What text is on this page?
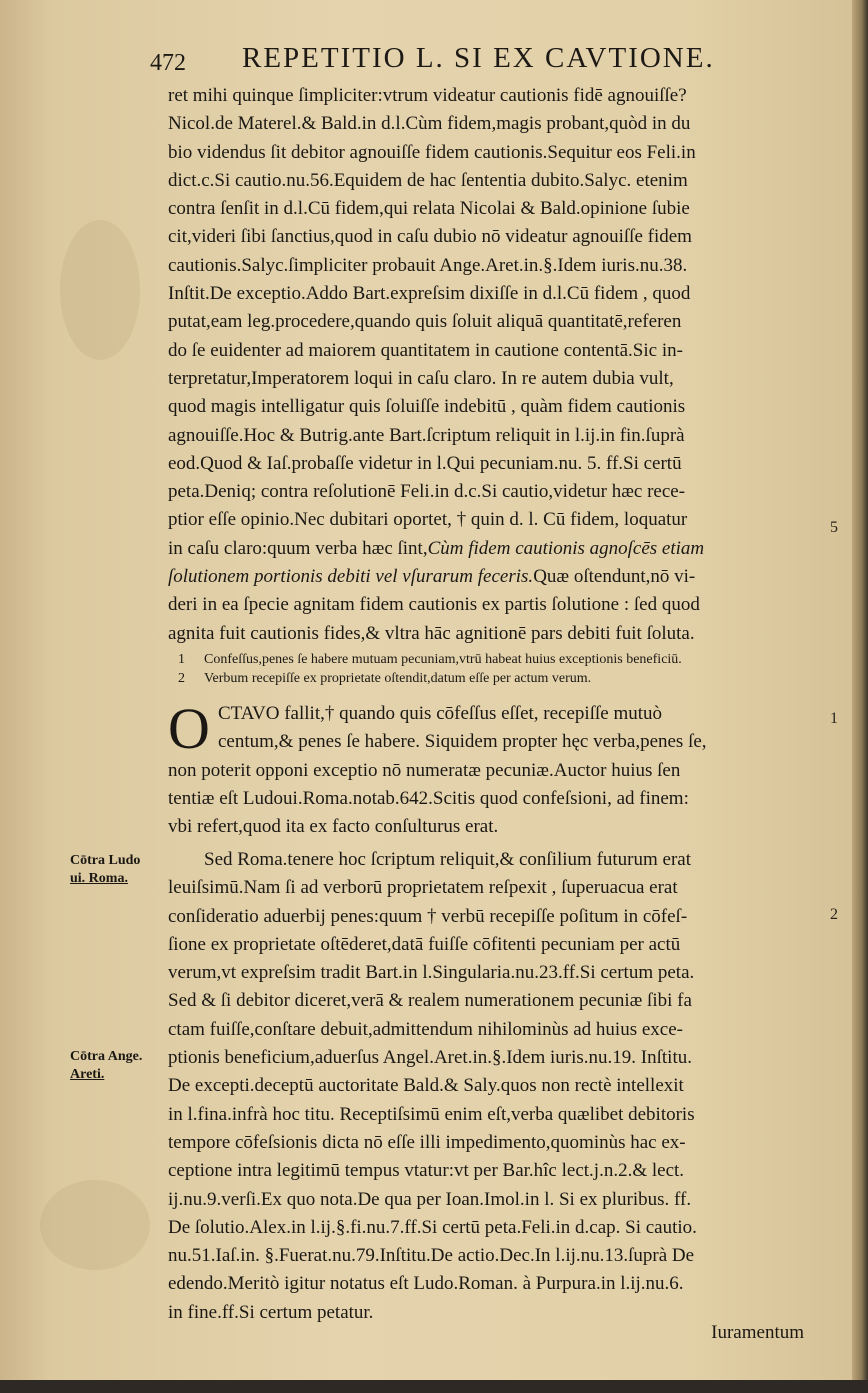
472 REPETITIO L. SI EX CAVTIONE.
ret mihi quinque ſimpliciter:vtrum videatur cautionis fidē agnouiſſe?
Nicol.de Materel.& Bald.in d.l.Cùm fidem,magis probant,quòd in du
bio videndus ſit debitor agnouiſſe fidem cautionis.Sequitur eos Feli.in
dict.c.Si cautio.nu.56.Equidem de hac ſententia dubito.Salyc. etenim
contra ſenſit in d.l.Cū fidem,qui relata Nicolai & Bald.opinione ſubie
cit,videri ſibi ſanctius,quod in caſu dubio nō videatur agnouiſſe fidem
cautionis.Salyc.ſimpliciter probauit Ange.Aret.in.§.Idem iuris.nu.38.
Inſtit.De exceptio.Addo Bart.expreſsim dixiſſe in d.l.Cū fidem , quod
putat,eam leg.procedere,quando quis ſoluit aliquā quantitatē,referen
do ſe euidenter ad maiorem quantitatem in cautione contentā.Sic in-
terpretatur,Imperatorem loqui in caſu claro. In re autem dubia vult,
quod magis intelligatur quis ſoluiſſe indebitū , quàm fidem cautionis
agnouiſſe.Hoc & Butrig.ante Bart.ſcriptum reliquit in l.ij.in fin.ſuprà
eod.Quod & Iaſ.probaſſe videtur in l.Qui pecuniam.nu. 5. ff.Si certū
peta.Deniq; contra reſolutionē Feli.in d.c.Si cautio,videtur hæc rece-
ptior eſſe opinio.Nec dubitari oportet, † quin d. l. Cū fidem, loquatur
in caſu claro:quum verba hæc ſint,Cùm fidem cautionis agnoſcēs etiam
ſolutionem portionis debiti vel vſurarum feceris.Quæ oſtendunt,nō vi-
deri in ea ſpecie agnitam fidem cautionis ex partis ſolutione : ſed quod
agnita fuit cautionis fides,& vltra hāc agnitionē pars debiti fuit ſoluta.
1 Confeſſus,penes ſe habere mutuam pecuniam,vtrū habeat huius exceptionis beneficiū.
2 Verbum recepiſſe ex proprietate oſtendit,datum eſſe per actum verum.
O CTAVO fallit,† quando quis cōfeſſus eſſet, recepiſſe mutuò
centum,& penes ſe habere. Siquidem propter hęc verba,penes ſe,
non poterit opponi exceptio nō numeratæ pecuniæ.Auctor huius ſen
tentiæ eſt Ludoui.Roma.notab.642.Scitis quod confeſsioni, ad finem:
vbi refert,quod ita ex facto conſulturus erat.
Sed Roma.tenere hoc ſcriptum reliquit,& conſilium futurum erat
leuiſsimū.Nam ſi ad verborū proprietatem reſpexit , ſuperuacua erat
conſideratio aduerbij penes:quum † verbū recepiſſe poſitum in cōfeſ-
ſione ex proprietate oſtēderet,datā fuiſſe cōfitenti pecuniam per actū
verum,vt expreſsim tradit Bart.in l.Singularia.nu.23.ff.Si certum peta.
Sed & ſi debitor diceret,verā & realem numerationem pecuniæ ſibi fa
ctam fuiſſe,conſtare debuit,admittendum nihilominùs ad huius exce-
ptionis beneficium,aduerſus Angel.Aret.in.§.Idem iuris.nu.19. Inſtitu.
De excepti.deceptū auctoritate Bald.& Saly.quos non rectè intellexit
in l.fina.infrà hoc titu. Receptiſsimū enim eſt,verba quælibet debitoris
tempore cōfeſsionis dicta nō eſſe illi impedimento,quominùs hac ex-
ceptione intra legitimū tempus vtatur:vt per Bar.hîc lect.j.n.2.& lect.
ij.nu.9.verſi.Ex quo nota.De qua per Ioan.Imol.in l. Si ex pluribus. ff.
De ſolutio.Alex.in l.ij.§.fi.nu.7.ff.Si certū peta.Feli.in d.cap. Si cautio.
nu.51.Iaſ.in. §.Fuerat.nu.79.Inſtitu.De actio.Dec.In l.ij.nu.13.ſuprà De
edendo.Meritò igitur notatus eſt Ludo.Roman. à Purpura.in l.ij.nu.6.
in fine.ff.Si certum petatur.
Cōtra Ludo
ui. Roma.
Cōtra Ange.
Areti.
5
1
2
Iuramentum
